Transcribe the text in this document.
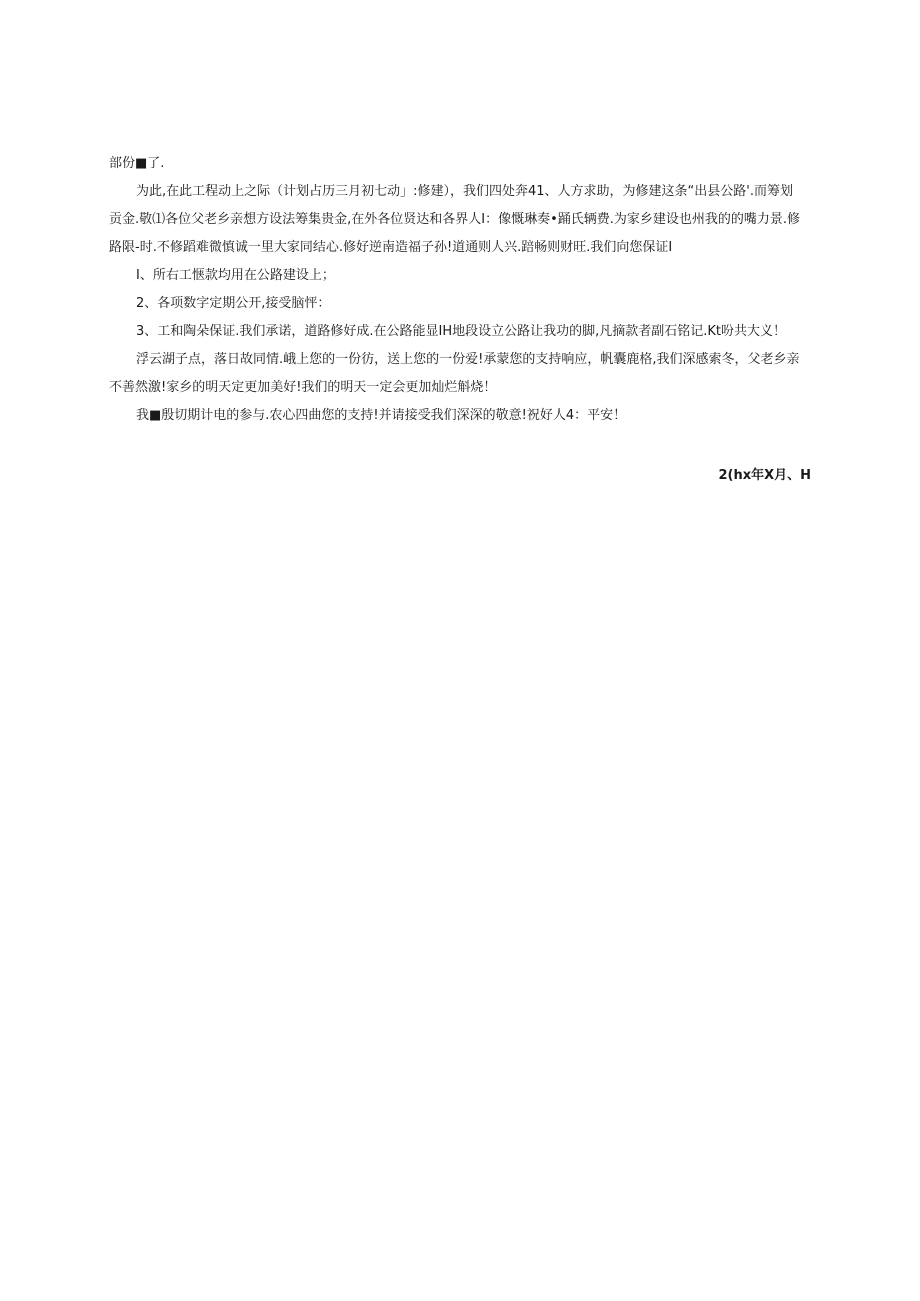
部份■了.
为此,在此工程动上之际（计划占历三月初七动」:修建），我们四处奔41、人方求助，为修建这条“出县公路'.而筹划
贡金.敬⑴各位父老乡亲想方设法筹集贵金,在外各位贤达和各界人I：像慨琳奏•踊氏辆费.为家乡建设也州我的的嘴力景.修
路限-时.不修蹈难微慎诚一里大家同结心.修好逆南造福子孙!道通则人兴.踣畅则财旺.我们向您保证I
I、所右工惬款均用在公路建设上；
2、各项数字定期公开,接受脑怦：
3、工和陶朵保证.我们承诺，道路修好成.在公路能显IH地段设立公路让我功的脚,凡摘款者副石铭记.Kt吩共大义！
浮云湖子点，落日故同情.峨上您的一份彷，送上您的一份爱!承蒙您的支持响应，帆囊鹿格,我们深感索冬，父老乡亲
不善然激!家乡的明天定更加美好!我们的明天一定会更加灿烂斛烧！
我■殷切期计电的参与.农心四曲您的支持!并请接受我们深深的敬意!祝好人4：平安！
2(hx年X月、H
